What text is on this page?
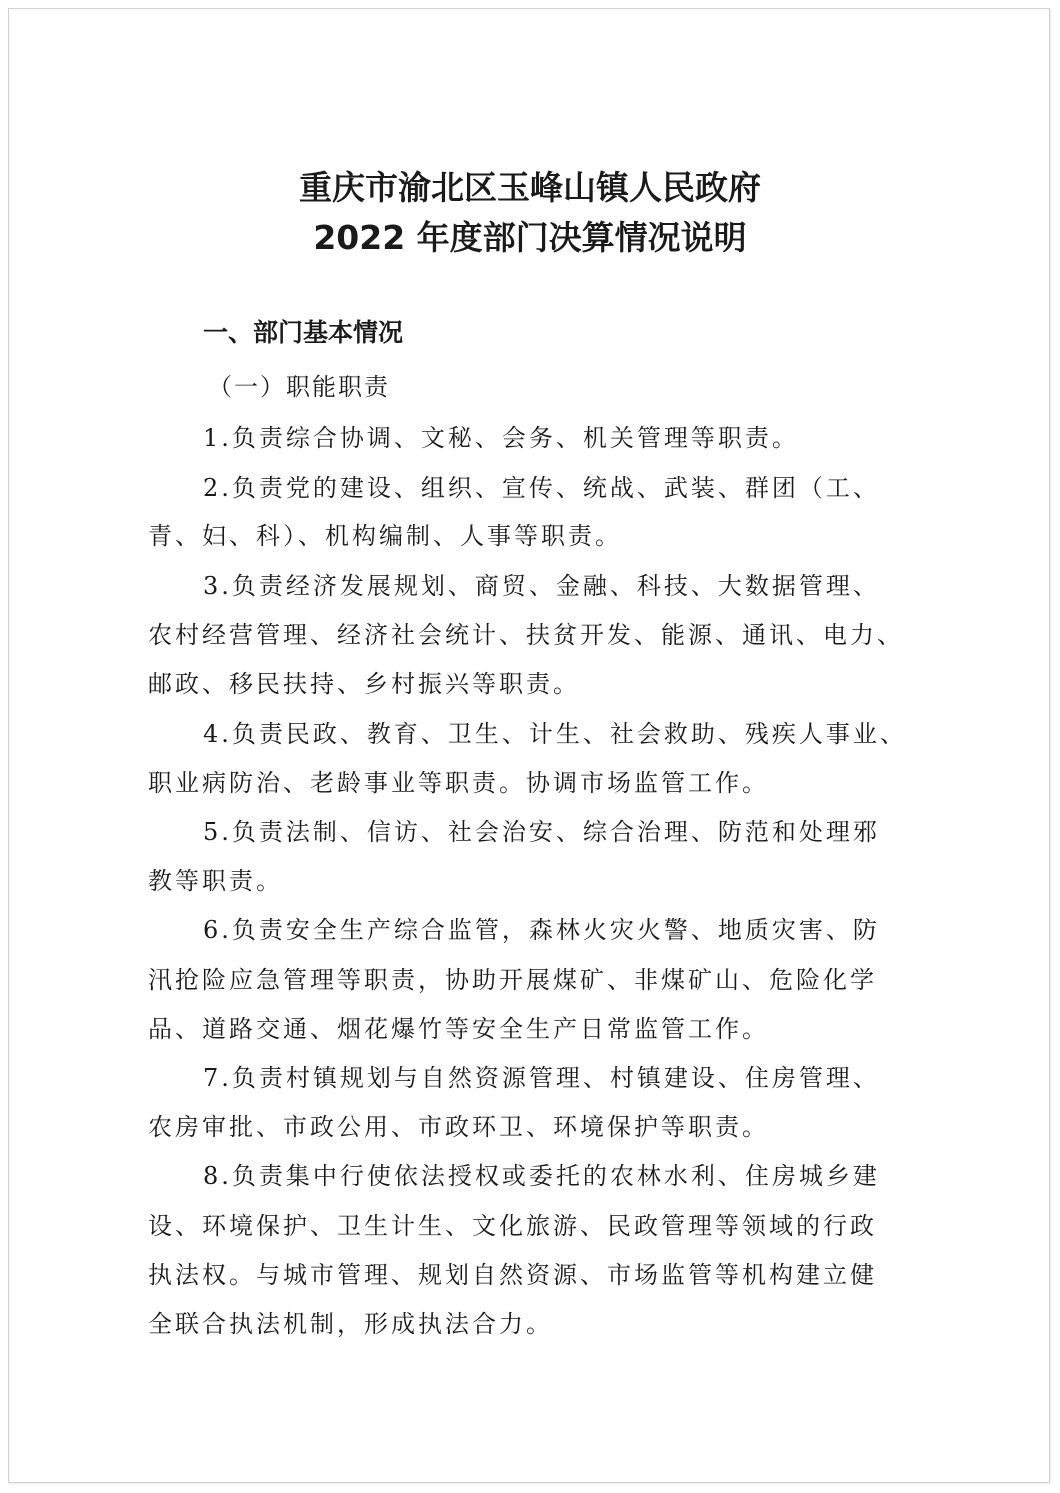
重庆市渝北区玉峰山镇人民政府
2022 年度部门决算情况说明
一、部门基本情况
（一）职能职责
1.负责综合协调、文秘、会务、机关管理等职责。
2.负责党的建设、组织、宣传、统战、武装、群团（工、
青、妇、科）、机构编制、人事等职责。
3.负责经济发展规划、商贸、金融、科技、大数据管理、
农村经营管理、经济社会统计、扶贫开发、能源、通讯、电力、
邮政、移民扶持、乡村振兴等职责。
4.负责民政、教育、卫生、计生、社会救助、残疾人事业、
职业病防治、老龄事业等职责。协调市场监管工作。
5.负责法制、信访、社会治安、综合治理、防范和处理邪
教等职责。
6.负责安全生产综合监管，森林火灾火警、地质灾害、防
汛抢险应急管理等职责，协助开展煤矿、非煤矿山、危险化学
品、道路交通、烟花爆竹等安全生产日常监管工作。
7.负责村镇规划与自然资源管理、村镇建设、住房管理、
农房审批、市政公用、市政环卫、环境保护等职责。
8.负责集中行使依法授权或委托的农林水利、住房城乡建
设、环境保护、卫生计生、文化旅游、民政管理等领域的行政
执法权。与城市管理、规划自然资源、市场监管等机构建立健
全联合执法机制，形成执法合力。
